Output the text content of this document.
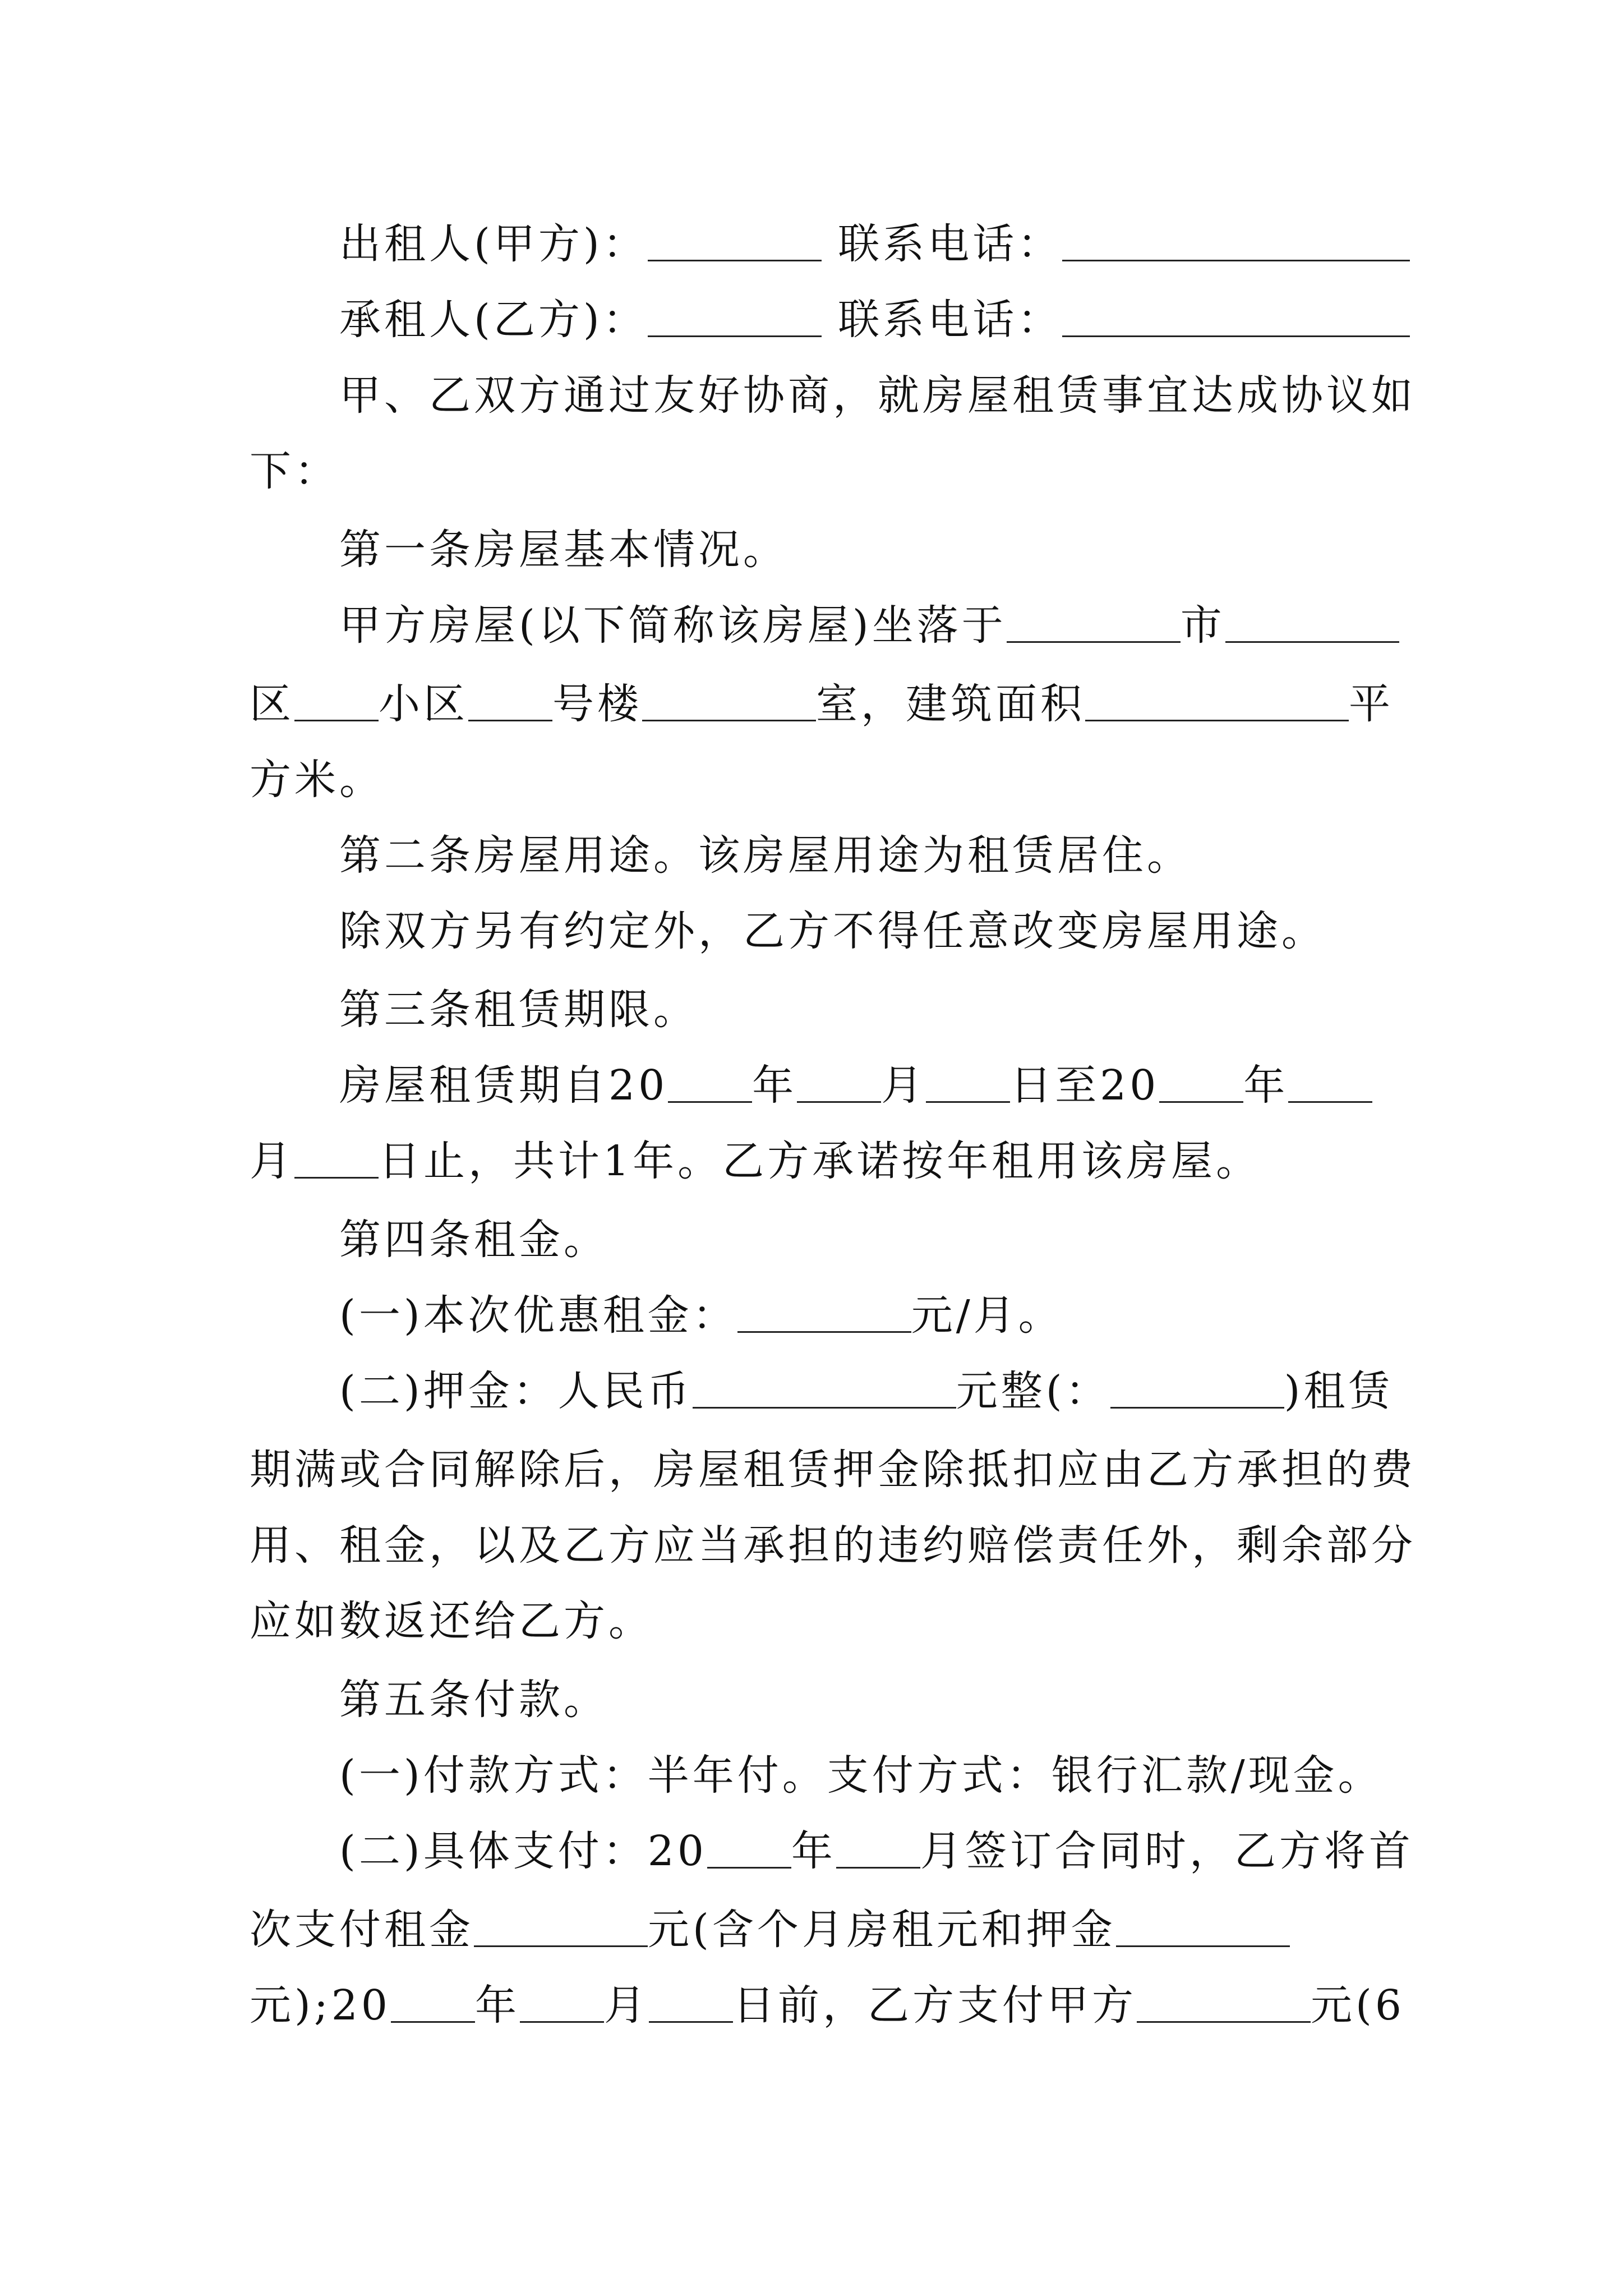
出租人(甲方)：	联系电话：
承租人(乙方)：	联系电话：
甲、乙双方通过友好协商，就房屋租赁事宜达成协议如
下：
第一条房屋基本情况。
甲方房屋(以下简称该房屋)坐落于	市
区 小区 号楼	室，建筑面积	平
方米。
第二条房屋用途。该房屋用途为租赁居住。
除双方另有约定外，乙方不得任意改变房屋用途。
第三条租赁期限。
房屋租赁期自20 年 月 日至20 年
月 日止，共计1年。乙方承诺按年租用该房屋。
第四条租金。
(一)本次优惠租金：	元/月。
(二)押金：人民币	元整(：	)租赁
期满或合同解除后，房屋租赁押金除抵扣应由乙方承担的费
用、租金，以及乙方应当承担的违约赔偿责任外，剩余部分
应如数返还给乙方。
第五条付款。
(一)付款方式：半年付。支付方式：银行汇款/现金。
(二)具体支付：20 年 月签订合同时，乙方将首
次支付租金	元(含个月房租元和押金
元);20 年 月 日前，乙方支付甲方	元(6
